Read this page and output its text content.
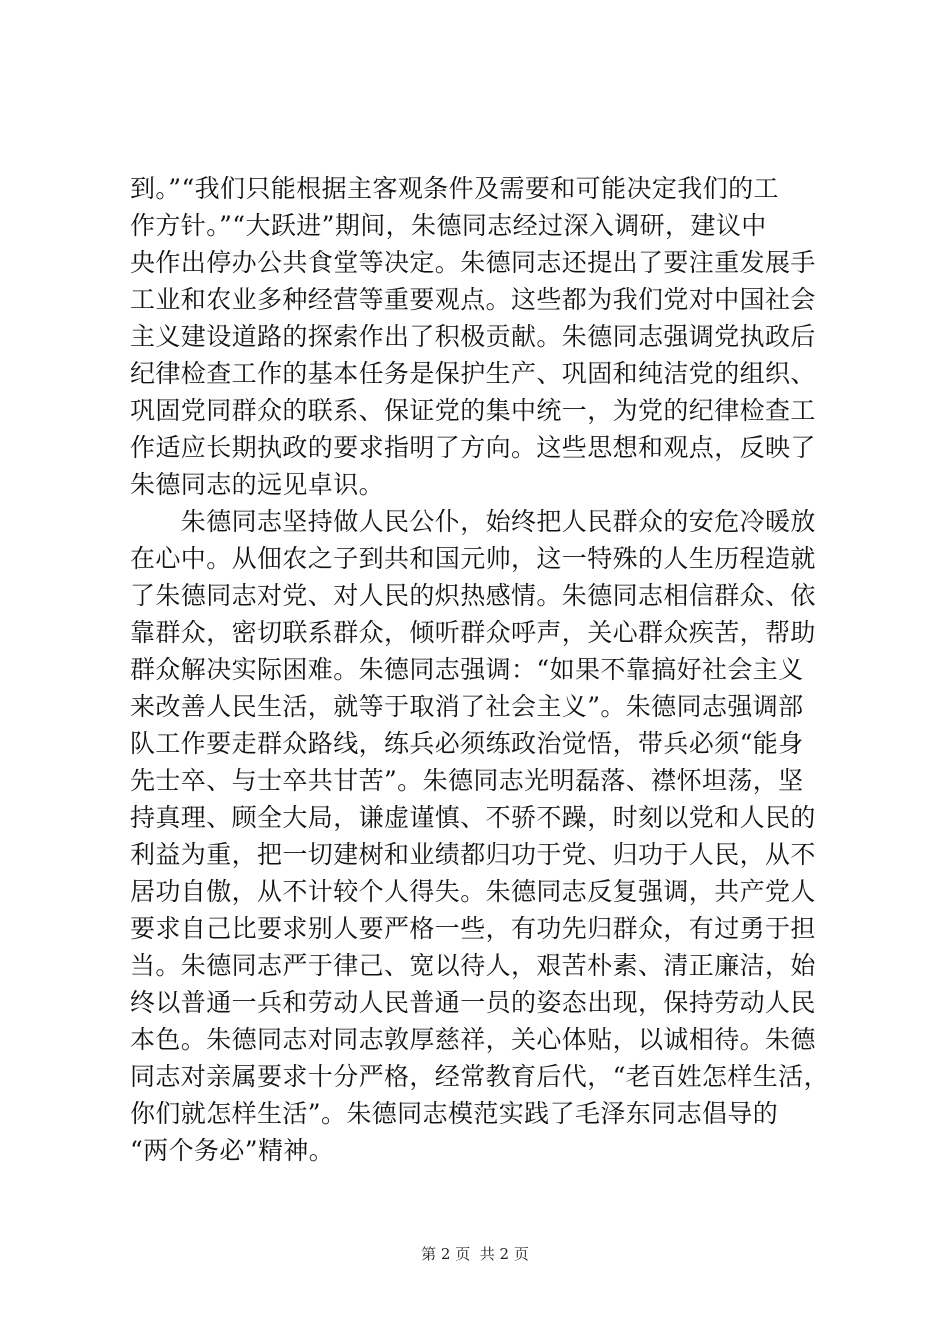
到。”“我们只能根据主客观条件及需要和可能决定我们的工
作方针。”“大跃进”期间，朱德同志经过深入调研，建议中
央作出停办公共食堂等决定。朱德同志还提出了要注重发展手
工业和农业多种经营等重要观点。这些都为我们党对中国社会
主义建设道路的探索作出了积极贡献。朱德同志强调党执政后
纪律检查工作的基本任务是保护生产、巩固和纯洁党的组织、
巩固党同群众的联系、保证党的集中统一，为党的纪律检查工
作适应长期执政的要求指明了方向。这些思想和观点，反映了
朱德同志的远见卓识。
　　朱德同志坚持做人民公仆，始终把人民群众的安危冷暖放
在心中。从佃农之子到共和国元帅，这一特殊的人生历程造就
了朱德同志对党、对人民的炽热感情。朱德同志相信群众、依
靠群众，密切联系群众，倾听群众呼声，关心群众疾苦，帮助
群众解决实际困难。朱德同志强调：“如果不靠搞好社会主义
来改善人民生活，就等于取消了社会主义”。朱德同志强调部
队工作要走群众路线，练兵必须练政治觉悟，带兵必须“能身
先士卒、与士卒共甘苦”。朱德同志光明磊落、襟怀坦荡，坚
持真理、顾全大局，谦虚谨慎、不骄不躁，时刻以党和人民的
利益为重，把一切建树和业绩都归功于党、归功于人民，从不
居功自傲，从不计较个人得失。朱德同志反复强调，共产党人
要求自己比要求别人要严格一些，有功先归群众，有过勇于担
当。朱德同志严于律己、宽以待人，艰苦朴素、清正廉洁，始
终以普通一兵和劳动人民普通一员的姿态出现，保持劳动人民
本色。朱德同志对同志敦厚慈祥，关心体贴，以诚相待。朱德
同志对亲属要求十分严格，经常教育后代，“老百姓怎样生活，
你们就怎样生活”。朱德同志模范实践了毛泽东同志倡导的
“两个务必”精神。
第 2 页  共 2 页
